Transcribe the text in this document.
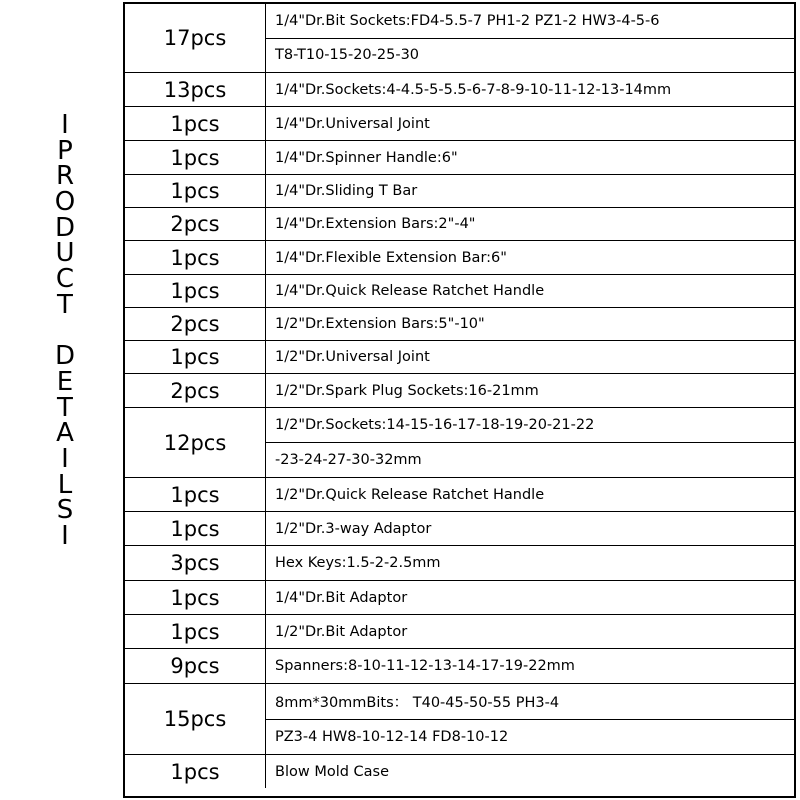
I
P
R
O
D
U
C
T
D
E
T
A
I
L
S
I
17pcs
1/4"Dr.Bit Sockets:FD4-5.5-7 PH1-2 PZ1-2 HW3-4-5-6
T8-T10-15-20-25-30
13pcs	1/4"Dr.Sockets:4-4.5-5-5.5-6-7-8-9-10-11-12-13-14mm
1pcs	1/4"Dr.Universal Joint
1pcs	1/4"Dr.Spinner Handle:6"
1pcs	1/4"Dr.Sliding T Bar
2pcs	1/4"Dr.Extension Bars:2"-4"
1pcs	1/4"Dr.Flexible Extension Bar:6"
1pcs	1/4"Dr.Quick Release Ratchet Handle
2pcs	1/2"Dr.Extension Bars:5"-10"
1pcs	1/2"Dr.Universal Joint
2pcs	1/2"Dr.Spark Plug Sockets:16-21mm
12pcs
1/2"Dr.Sockets:14-15-16-17-18-19-20-21-22
-23-24-27-30-32mm
1pcs	1/2"Dr.Quick Release Ratchet Handle
1pcs	1/2"Dr.3-way Adaptor
3pcs	Hex Keys:1.5-2-2.5mm
1pcs	1/4"Dr.Bit Adaptor
1pcs	1/2"Dr.Bit Adaptor
9pcs	Spanners:8-10-11-12-13-14-17-19-22mm
15pcs
8mm*30mmBits： T40-45-50-55 PH3-4
PZ3-4 HW8-10-12-14 FD8-10-12
1pcs	Blow Mold Case
